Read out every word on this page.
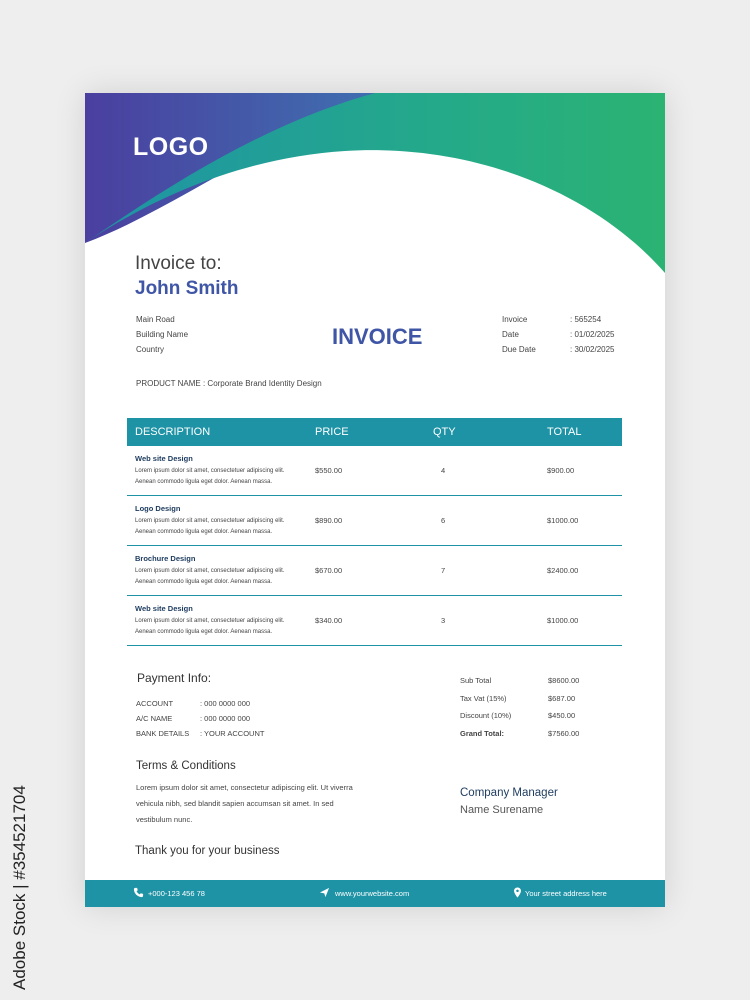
LOGO
Invoice to:
John Smith
Main Road
Building Name
Country
INVOICE
Invoice	: 565254
Date	: 01/02/2025
Due Date	: 30/02/2025
PRODUCT NAME : Corporate Brand Identity Design
DESCRIPTION	PRICE	QTY	TOTAL
Web site Design
Lorem ipsum dolor sit amet, consectetuer adipiscing elit.
Aenean commodo ligula eget dolor. Aenean massa.
$550.00	4	$900.00
Logo Design
Lorem ipsum dolor sit amet, consectetuer adipiscing elit.
Aenean commodo ligula eget dolor. Aenean massa.
$890.00	6	$1000.00
Brochure Design
Lorem ipsum dolor sit amet, consectetuer adipiscing elit.
Aenean commodo ligula eget dolor. Aenean massa.
$670.00	7	$2400.00
Web site Design
Lorem ipsum dolor sit amet, consectetuer adipiscing elit.
Aenean commodo ligula eget dolor. Aenean massa.
$340.00	3	$1000.00
Payment Info:
ACCOUNT	: 000 0000 000
A/C NAME	: 000 0000 000
BANK DETAILS : YOUR ACCOUNT
Sub Total	$8600.00
Tax Vat (15%)	$687.00
Discount (10%)	$450.00
Grand Total:	$7560.00
Terms & Conditions
Lorem ipsum dolor sit amet, consectetur adipiscing elit. Ut viverra vehicula nibh, sed blandit sapien accumsan sit amet. In sed vestibulum nunc.
Thank you for your business
Company Manager
Name Surename
+000-123 456 78	www.yourwebsite.com	Your street address here
Adobe Stock | #354521704
